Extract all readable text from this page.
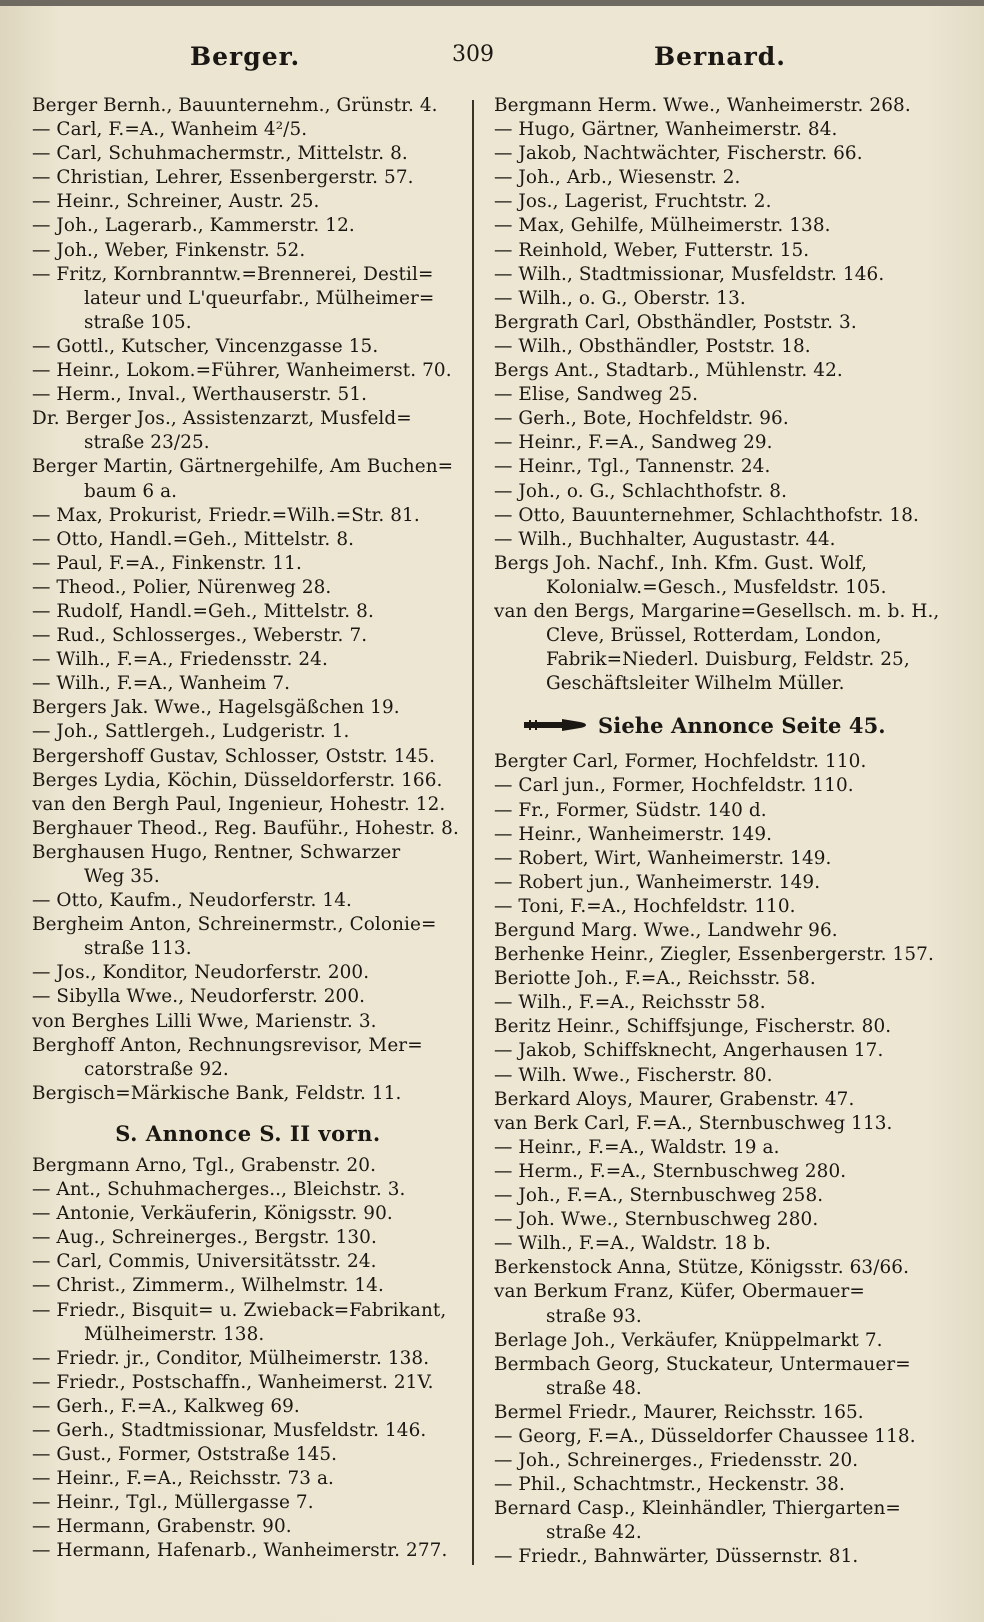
Berger.	309	Bernard.
Berger Bernh., Bauunternehm., Grünstr. 4.
— Carl, F.=A., Wanheim 4²/5.
— Carl, Schuhmachermstr., Mittelstr. 8.
— Christian, Lehrer, Essenbergerstr. 57.
— Heinr., Schreiner, Austr. 25.
— Joh., Lagerarb., Kammerstr. 12.
— Joh., Weber, Finkenstr. 52.
— Fritz, Kornbranntw.=Brennerei, Destil=
lateur und L'queurfabr., Mülheimer=
straße 105.
— Gottl., Kutscher, Vincenzgasse 15.
— Heinr., Lokom.=Führer, Wanheimerst. 70.
— Herm., Inval., Werthauserstr. 51.
Dr. Berger Jos., Assistenzarzt, Musfeld=
straße 23/25.
Berger Martin, Gärtnergehilfe, Am Buchen=
baum 6 a.
— Max, Prokurist, Friedr.=Wilh.=Str. 81.
— Otto, Handl.=Geh., Mittelstr. 8.
— Paul, F.=A., Finkenstr. 11.
— Theod., Polier, Nürenweg 28.
— Rudolf, Handl.=Geh., Mittelstr. 8.
— Rud., Schlosserges., Weberstr. 7.
— Wilh., F.=A., Friedensstr. 24.
— Wilh., F.=A., Wanheim 7.
Bergers Jak. Wwe., Hagelsgäßchen 19.
— Joh., Sattlergeh., Ludgeristr. 1.
Bergershoff Gustav, Schlosser, Oststr. 145.
Berges Lydia, Köchin, Düsseldorferstr. 166.
van den Bergh Paul, Ingenieur, Hohestr. 12.
Berghauer Theod., Reg. Bauführ., Hohestr. 8.
Berghausen Hugo, Rentner, Schwarzer
Weg 35.
— Otto, Kaufm., Neudorferstr. 14.
Bergheim Anton, Schreinermstr., Colonie=
straße 113.
— Jos., Konditor, Neudorferstr. 200.
— Sibylla Wwe., Neudorferstr. 200.
von Berghes Lilli Wwe, Marienstr. 3.
Berghoff Anton, Rechnungsrevisor, Mer=
catorstraße 92.
Bergisch=Märkische Bank, Feldstr. 11.
S. Annonce S. II vorn.
Bergmann Arno, Tgl., Grabenstr. 20.
— Ant., Schuhmacherges.., Bleichstr. 3.
— Antonie, Verkäuferin, Königsstr. 90.
— Aug., Schreinerges., Bergstr. 130.
— Carl, Commis, Universitätsstr. 24.
— Christ., Zimmerm., Wilhelmstr. 14.
— Friedr., Bisquit= u. Zwieback=Fabrikant,
Mülheimerstr. 138.
— Friedr. jr., Conditor, Mülheimerstr. 138.
— Friedr., Postschaffn., Wanheimerst. 21V.
— Gerh., F.=A., Kalkweg 69.
— Gerh., Stadtmissionar, Musfeldstr. 146.
— Gust., Former, Oststraße 145.
— Heinr., F.=A., Reichsstr. 73 a.
— Heinr., Tgl., Müllergasse 7.
— Hermann, Grabenstr. 90.
— Hermann, Hafenarb., Wanheimerstr. 277.
Bergmann Herm. Wwe., Wanheimerstr. 268.
— Hugo, Gärtner, Wanheimerstr. 84.
— Jakob, Nachtwächter, Fischerstr. 66.
— Joh., Arb., Wiesenstr. 2.
— Jos., Lagerist, Fruchtstr. 2.
— Max, Gehilfe, Mülheimerstr. 138.
— Reinhold, Weber, Futterstr. 15.
— Wilh., Stadtmissionar, Musfeldstr. 146.
— Wilh., o. G., Oberstr. 13.
Bergrath Carl, Obsthändler, Poststr. 3.
— Wilh., Obsthändler, Poststr. 18.
Bergs Ant., Stadtarb., Mühlenstr. 42.
— Elise, Sandweg 25.
— Gerh., Bote, Hochfeldstr. 96.
— Heinr., F.=A., Sandweg 29.
— Heinr., Tgl., Tannenstr. 24.
— Joh., o. G., Schlachthofstr. 8.
— Otto, Bauunternehmer, Schlachthofstr. 18.
— Wilh., Buchhalter, Augustastr. 44.
Bergs Joh. Nachf., Inh. Kfm. Gust. Wolf,
Kolonialw.=Gesch., Musfeldstr. 105.
van den Bergs, Margarine=Gesellsch. m. b. H.,
Cleve, Brüssel, Rotterdam, London,
Fabrik=Niederl. Duisburg, Feldstr. 25,
Geschäftsleiter Wilhelm Müller.
Siehe Annonce Seite 45.
Bergter Carl, Former, Hochfeldstr. 110.
— Carl jun., Former, Hochfeldstr. 110.
— Fr., Former, Südstr. 140 d.
— Heinr., Wanheimerstr. 149.
— Robert, Wirt, Wanheimerstr. 149.
— Robert jun., Wanheimerstr. 149.
— Toni, F.=A., Hochfeldstr. 110.
Bergund Marg. Wwe., Landwehr 96.
Berhenke Heinr., Ziegler, Essenbergerstr. 157.
Beriotte Joh., F.=A., Reichsstr. 58.
— Wilh., F.=A., Reichsstr 58.
Beritz Heinr., Schiffsjunge, Fischerstr. 80.
— Jakob, Schiffsknecht, Angerhausen 17.
— Wilh. Wwe., Fischerstr. 80.
Berkard Aloys, Maurer, Grabenstr. 47.
van Berk Carl, F.=A., Sternbuschweg 113.
— Heinr., F.=A., Waldstr. 19 a.
— Herm., F.=A., Sternbuschweg 280.
— Joh., F.=A., Sternbuschweg 258.
— Joh. Wwe., Sternbuschweg 280.
— Wilh., F.=A., Waldstr. 18 b.
Berkenstock Anna, Stütze, Königsstr. 63/66.
van Berkum Franz, Küfer, Obermauer=
straße 93.
Berlage Joh., Verkäufer, Knüppelmarkt 7.
Bermbach Georg, Stuckateur, Untermauer=
straße 48.
Bermel Friedr., Maurer, Reichsstr. 165.
— Georg, F.=A., Düsseldorfer Chaussee 118.
— Joh., Schreinerges., Friedensstr. 20.
— Phil., Schachtmstr., Heckenstr. 38.
Bernard Casp., Kleinhändler, Thiergarten=
straße 42.
— Friedr., Bahnwärter, Düssernstr. 81.
